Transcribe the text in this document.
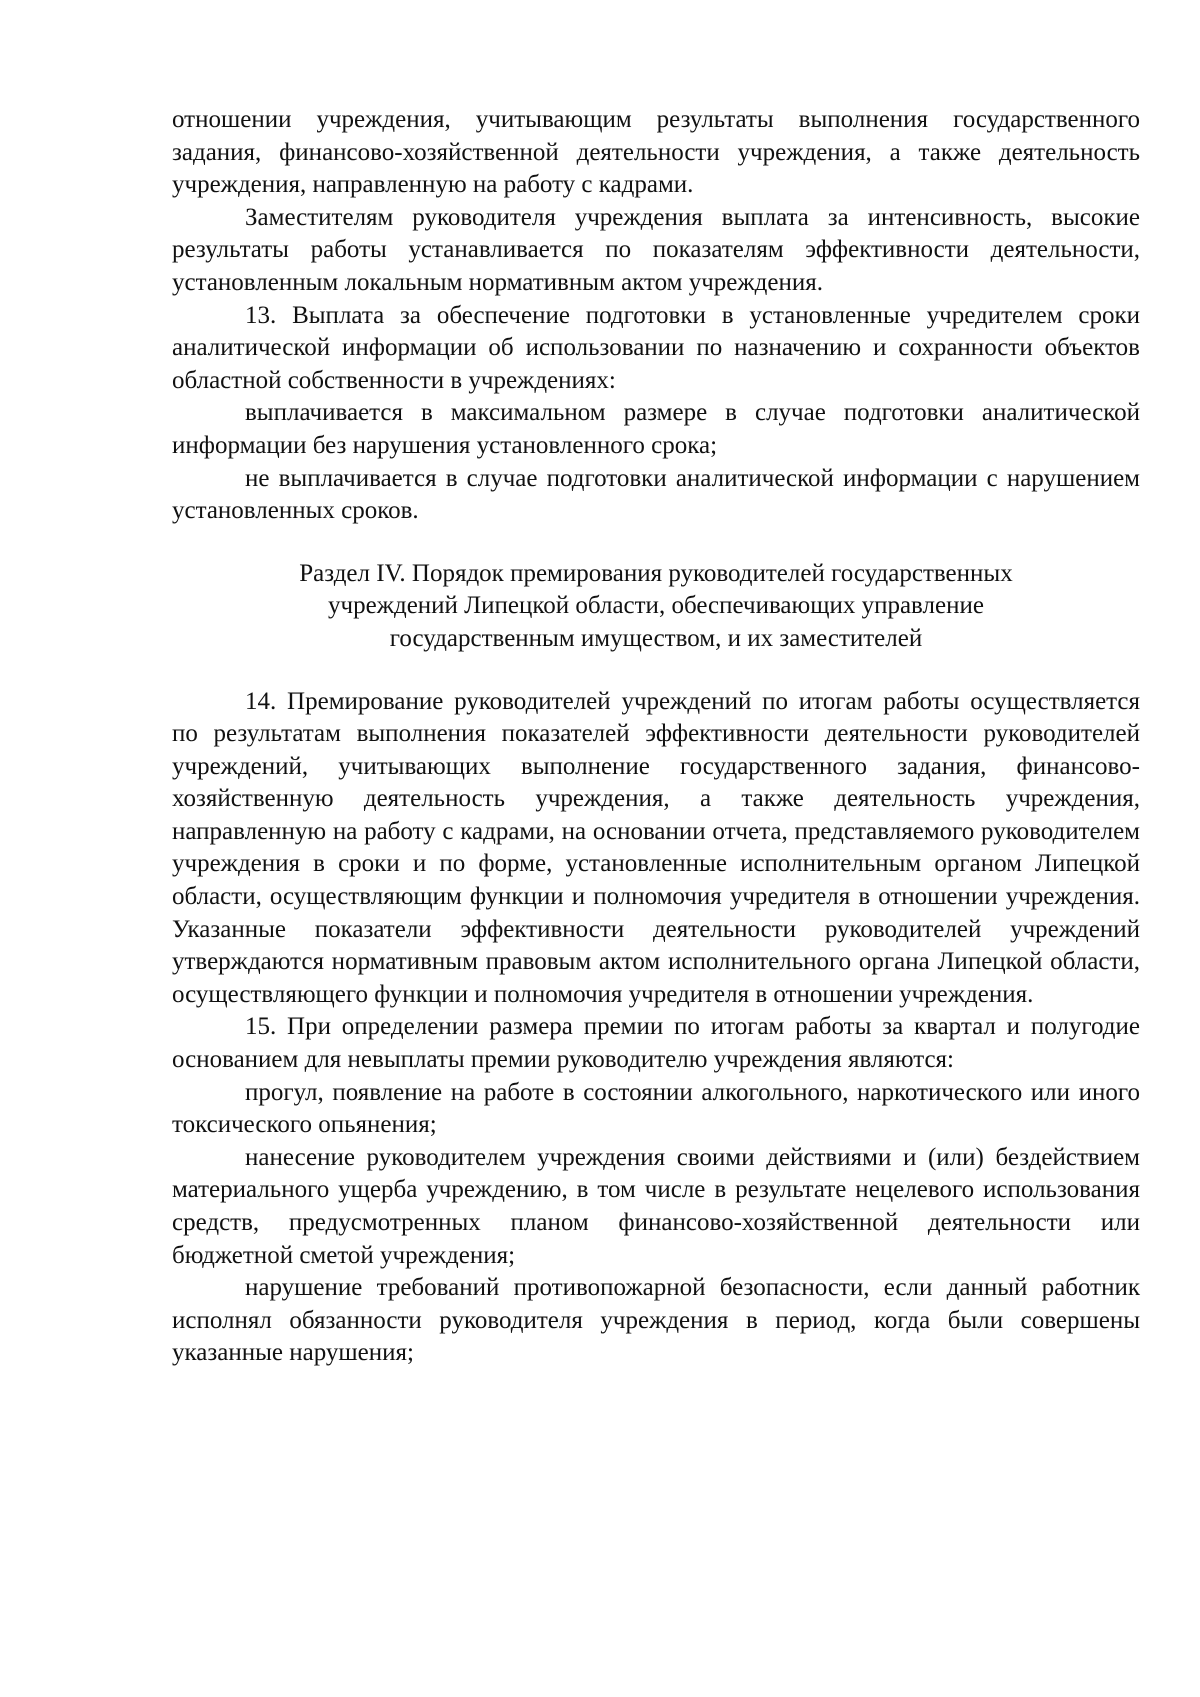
отношении учреждения, учитывающим результаты выполнения государственного задания, финансово-хозяйственной деятельности учреждения, а также деятельность учреждения, направленную на работу с кадрами.

Заместителям руководителя учреждения выплата за интенсивность, высокие результаты работы устанавливается по показателям эффективности деятельности, установленным локальным нормативным актом учреждения.

13. Выплата за обеспечение подготовки в установленные учредителем сроки аналитической информации об использовании по назначению и сохранности объектов областной собственности в учреждениях:

выплачивается в максимальном размере в случае подготовки аналитической информации без нарушения установленного срока;

не выплачивается в случае подготовки аналитической информации с нарушением установленных сроков.

Раздел IV. Порядок премирования руководителей государственных
учреждений Липецкой области, обеспечивающих управление
государственным имуществом, и их заместителей

14. Премирование руководителей учреждений по итогам работы осуществляется по результатам выполнения показателей эффективности деятельности руководителей учреждений, учитывающих выполнение государственного задания, финансово-хозяйственную деятельность учреждения, а также деятельность учреждения, направленную на работу с кадрами, на основании отчета, представляемого руководителем учреждения в сроки и по форме, установленные исполнительным органом Липецкой области, осуществляющим функции и полномочия учредителя в отношении учреждения. Указанные показатели эффективности деятельности руководителей учреждений утверждаются нормативным правовым актом исполнительного органа Липецкой области, осуществляющего функции и полномочия учредителя в отношении учреждения.

15. При определении размера премии по итогам работы за квартал и полугодие основанием для невыплаты премии руководителю учреждения являются:

прогул, появление на работе в состоянии алкогольного, наркотического или иного токсического опьянения;

нанесение руководителем учреждения своими действиями и (или) бездействием материального ущерба учреждению, в том числе в результате нецелевого использования средств, предусмотренных планом финансово-хозяйственной деятельности или бюджетной сметой учреждения;

нарушение требований противопожарной безопасности, если данный работник исполнял обязанности руководителя учреждения в период, когда были совершены указанные нарушения;
